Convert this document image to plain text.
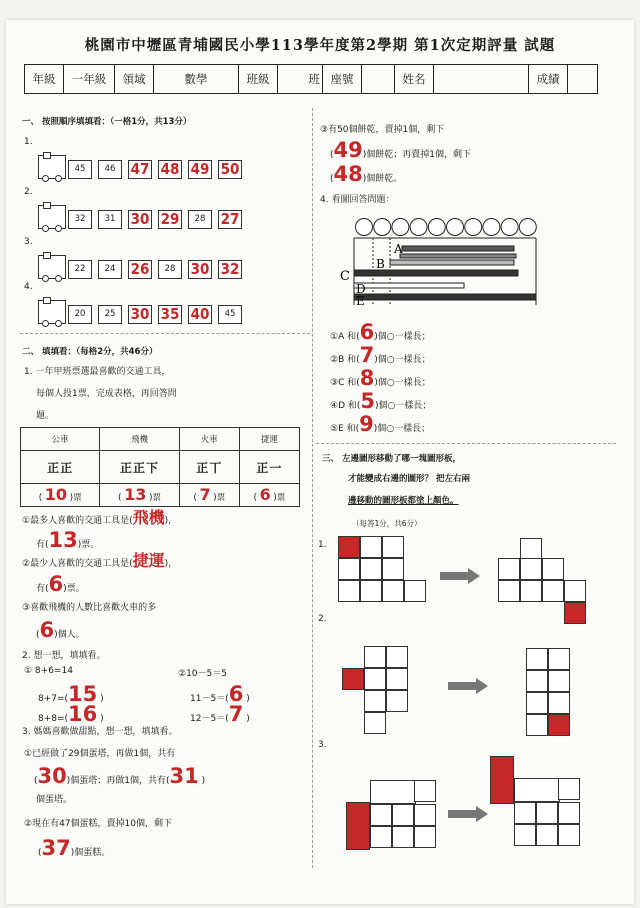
桃園市中壢區青埔國民小學113學年度第2學期 第1次定期評量 試題
年級	一年級	領域	數學	班級	班	座號		姓名		成績	
一、 按照順序填填看：（一格1分，共13分）
1.
45	46	47 48 49 50
2.
32	31	30 29	28	27
3.
22	24	26	28	30 32
4.
20	25	30 35 40	45
二、 填填看：（每格2分，共46分）
1. 一年甲班票選最喜歡的交通工具，
每個人投1票，完成表格，再回答問
題。
公車	飛機	火車	捷運
正正	正正下	正丅	正一
( 10 )票	( 13 )票	( 7 )票	( 6 )票
①最多人喜歡的交通工具是(飛機)，
有(13)票。
②最少人喜歡的交通工具是(捷運)，
有(6)票。
③喜歡飛機的人數比喜歡火車的多
(6)個人。
2. 想一想，填填看。
① 8+6=14
8+7=(15 )
8+8=(16 )
②10－5＝5
11－5＝(6 )
12－5＝(7 )
3. 媽媽喜歡做甜點，想一想，填填看。
①已經做了29個蛋塔，再做1個，共有
(30)個蛋塔；再做1個，共有(31 )
個蛋塔。
②現在有47個蛋糕，賣掉10個，剩下
(37)個蛋糕。
③有50個餅乾，賣掉1個，剩下
(49)個餅乾；再賣掉1個，剩下
(48)個餅乾。
4. 看圖回答問題：
A
B
C
D
E
①A 和(6)個○一樣長；
②B 和(7)個○一樣長；
③C 和(8)個○一樣長；
④D 和(5)個○一樣長；
⑤E 和(9)個○一樣長；
三、 左邊圖形移動了哪一塊圖形板，
才能變成右邊的圖形？ 把左右兩
邊移動的圖形板都塗上顏色。
（每答1分，共6分）
1.
2.
3.
